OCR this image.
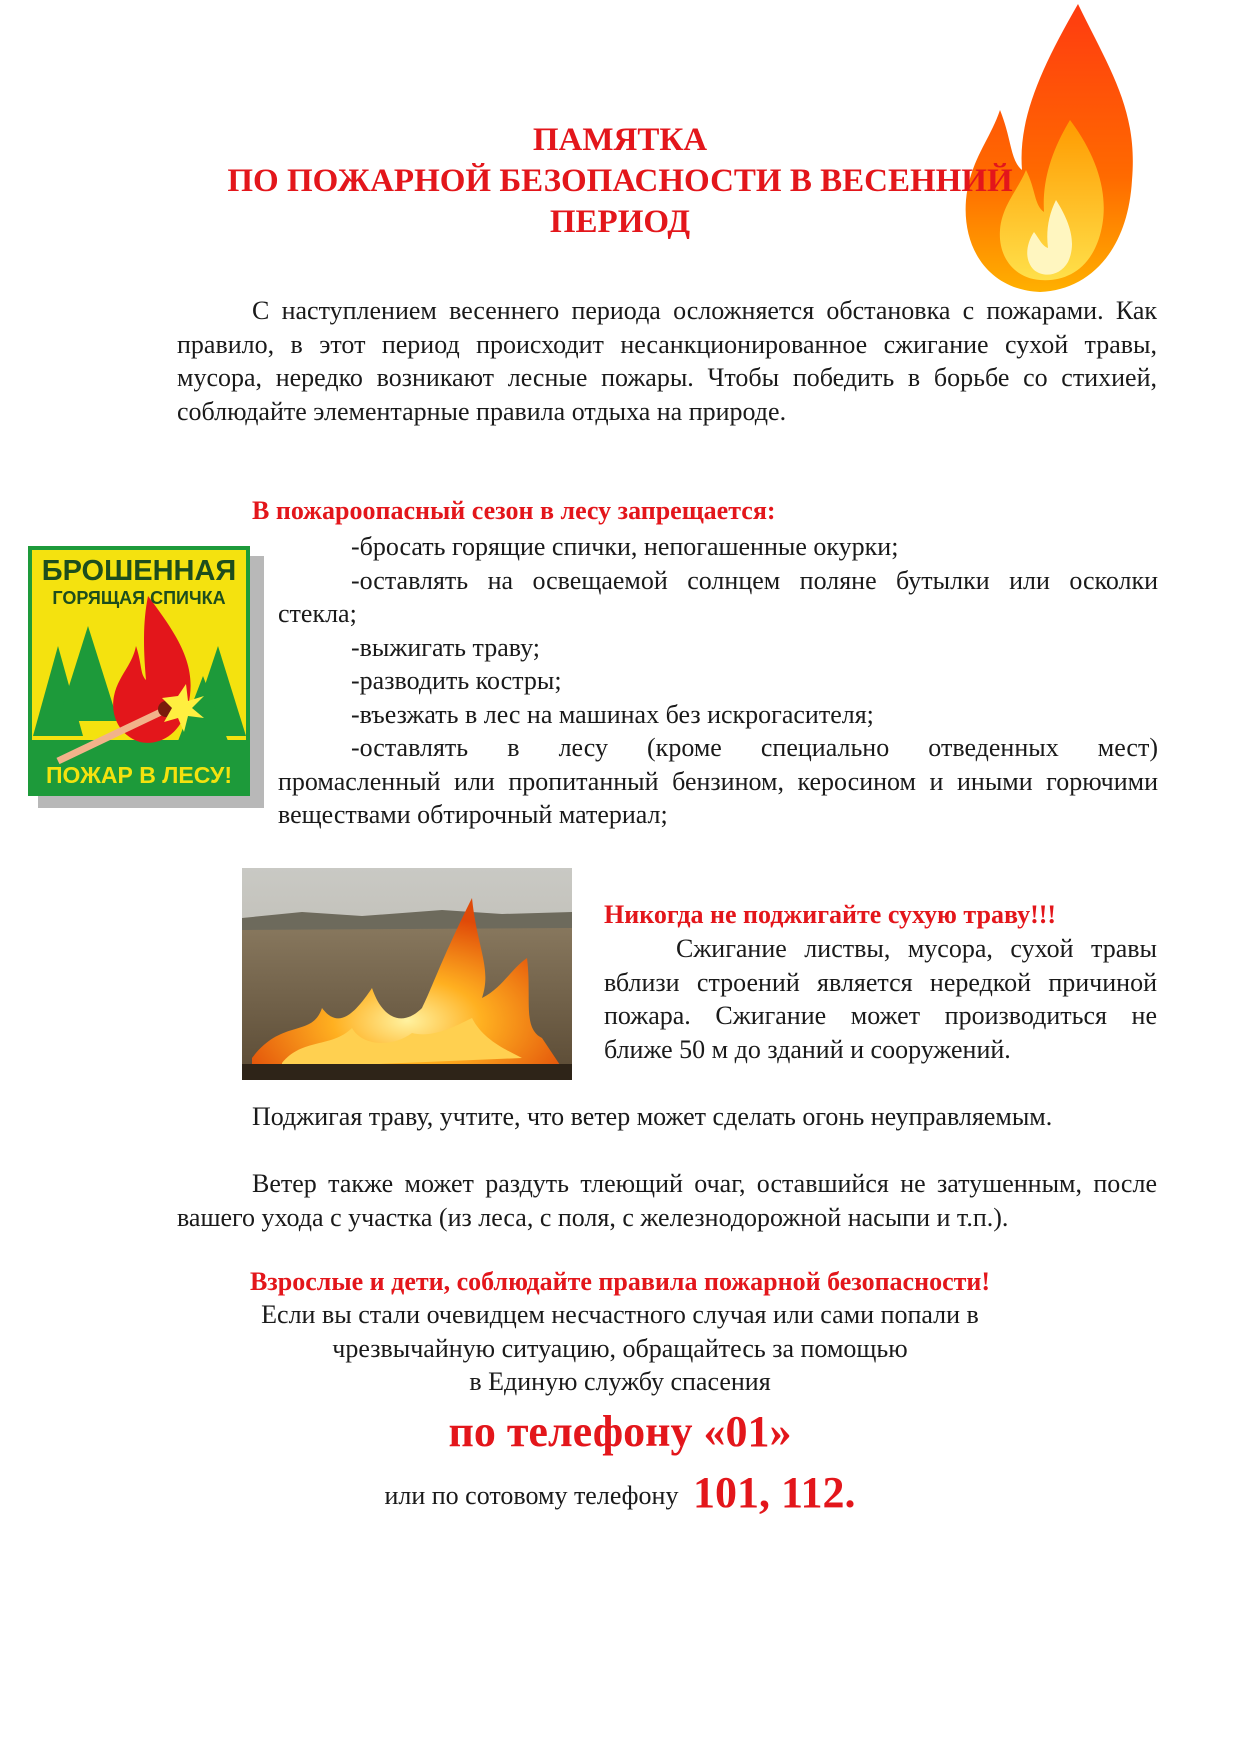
ПАМЯТКА
ПО ПОЖАРНОЙ БЕЗОПАСНОСТИ В ВЕСЕННИЙ
ПЕРИОД

С наступлением весеннего периода осложняется обстановка с пожарами. Как правило, в этот период происходит несанкционированное сжигание сухой травы, мусора, нередко возникают лесные пожары. Чтобы победить в борьбе со стихией, соблюдайте элементарные правила отдыха на природе.

В пожароопасный сезон в лесу запрещается:
БРОШЕННАЯ
ГОРЯЩАЯ СПИЧКА
ПОЖАР В ЛЕСУ!

-бросать горящие спички, непогашенные окурки;

-оставлять на освещаемой солнцем поляне бутылки или осколки

стекла;

-выжигать траву;

-разводить костры;

-въезжать в лес на машинах без искрогасителя;

-оставлять в лесу (кроме специально отведенных мест)

промасленный или пропитанный бензином, керосином и иными горючими веществами обтирочный материал;

Никогда не поджигайте сухую траву!!!

Сжигание листвы, мусора, сухой травы вблизи строений является нередкой причиной пожара. Сжигание может производиться не ближе 50 м до зданий и сооружений.

Поджигая траву, учтите, что ветер может сделать огонь неуправляемым.

Ветер также может раздуть тлеющий очаг, оставшийся не затушенным, после вашего ухода с участка (из леса, с поля, с железнодорожной насыпи и т.п.).

Взрослые и дети, соблюдайте правила пожарной безопасности!
Если вы стали очевидцем несчастного случая или сами попали в
чрезвычайную ситуацию, обращайтесь за помощью
в Единую службу спасения
по телефону «01»
или по сотовому телефону 101, 112.
